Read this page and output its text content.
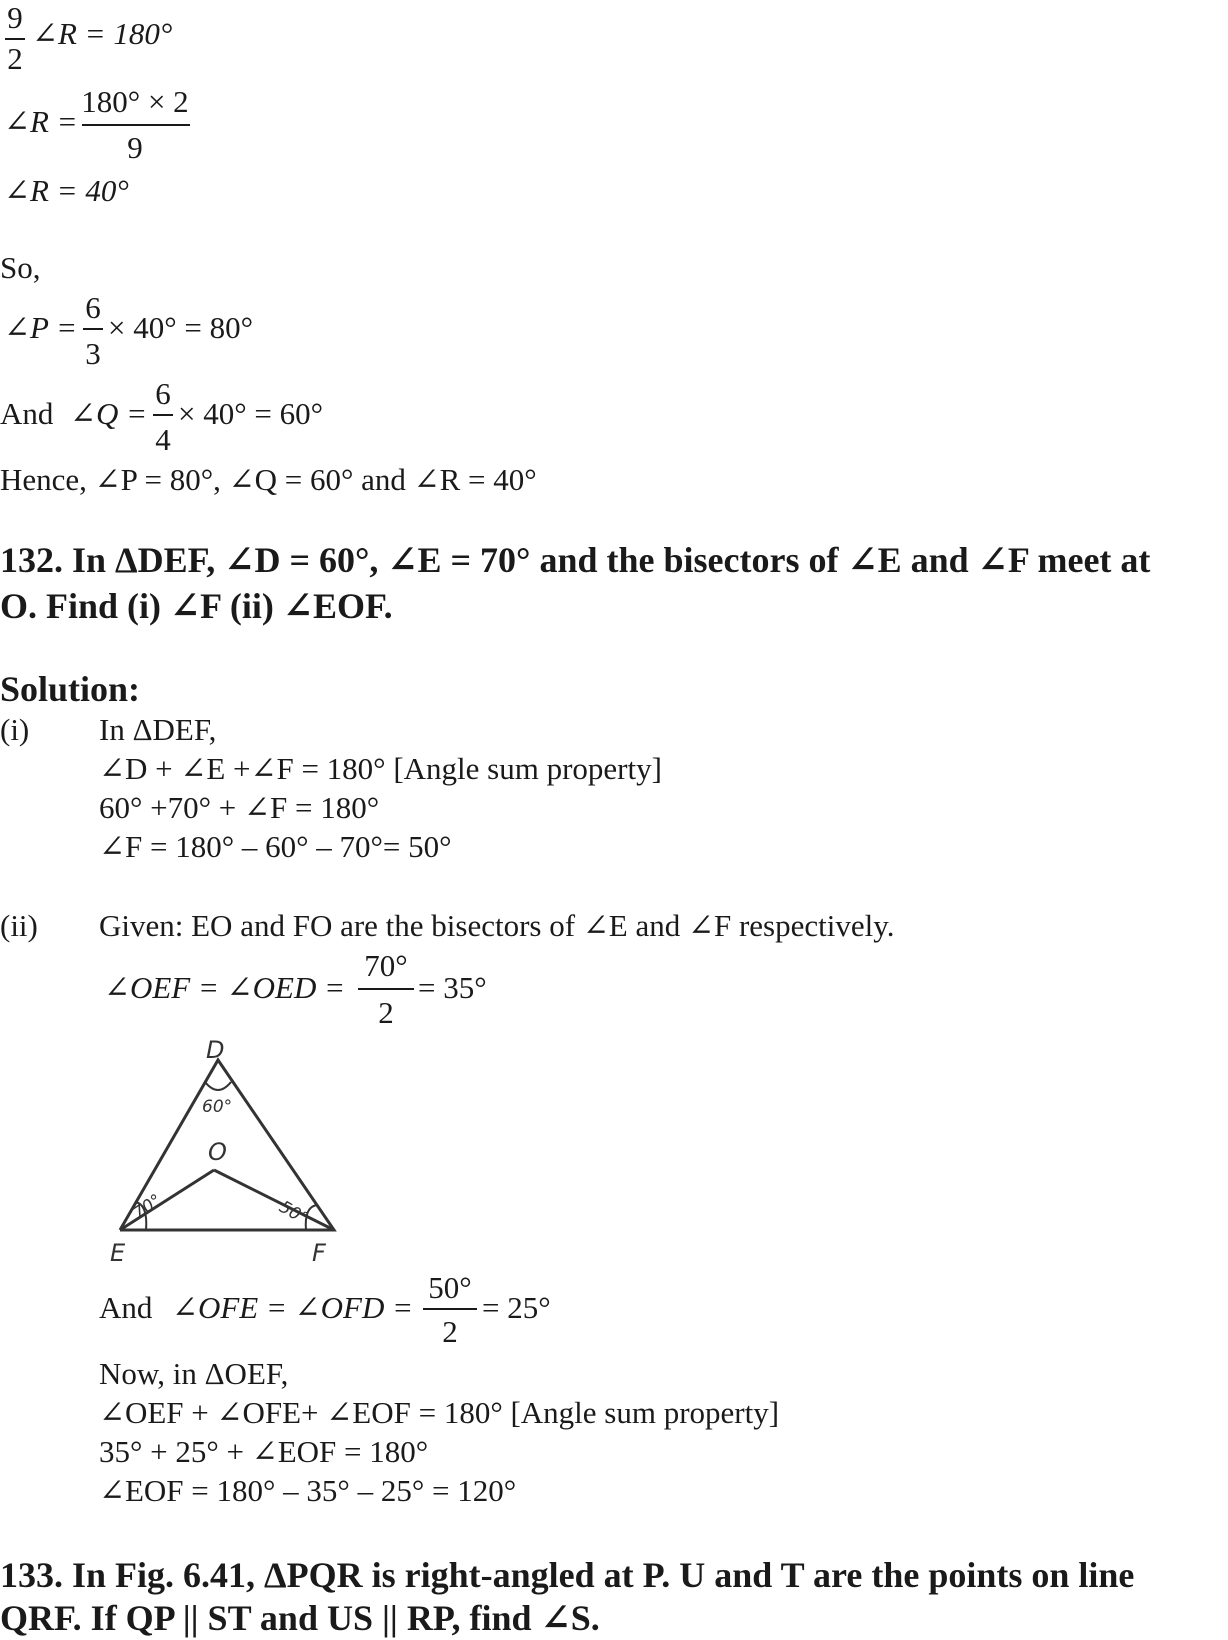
9
2
∠R = 180°
∠R =
180° × 2
9
∠R = 40°
So,
∠P =
6
3
× 40° = 80°
And ∠Q =
6
4
× 40° = 60°
Hence, ∠P = 80°, ∠Q = 60° and ∠R = 40°
132. In ΔDEF, ∠D = 60°, ∠E = 70° and the bisectors of ∠E and ∠F meet at
O. Find (i) ∠F (ii) ∠EOF.
Solution:
(i) In ΔDEF,
∠D + ∠E +∠F = 180° [Angle sum property]
60° +70° + ∠F = 180°
∠F = 180° – 60° – 70°= 50°
(ii) Given: EO and FO are the bisectors of ∠E and ∠F respectively.
∠OEF = ∠OED =
70°
2
= 35°
D
E	F
O
60°
70°	50°
And ∠OFE = ∠OFD =
50°
2
= 25°
Now, in ΔOEF,
∠OEF + ∠OFE+ ∠EOF = 180° [Angle sum property]
35° + 25° + ∠EOF = 180°
∠EOF = 180° – 35° – 25° = 120°
133. In Fig. 6.41, ΔPQR is right-angled at P. U and T are the points on line
QRF. If QP || ST and US || RP, find ∠S.
